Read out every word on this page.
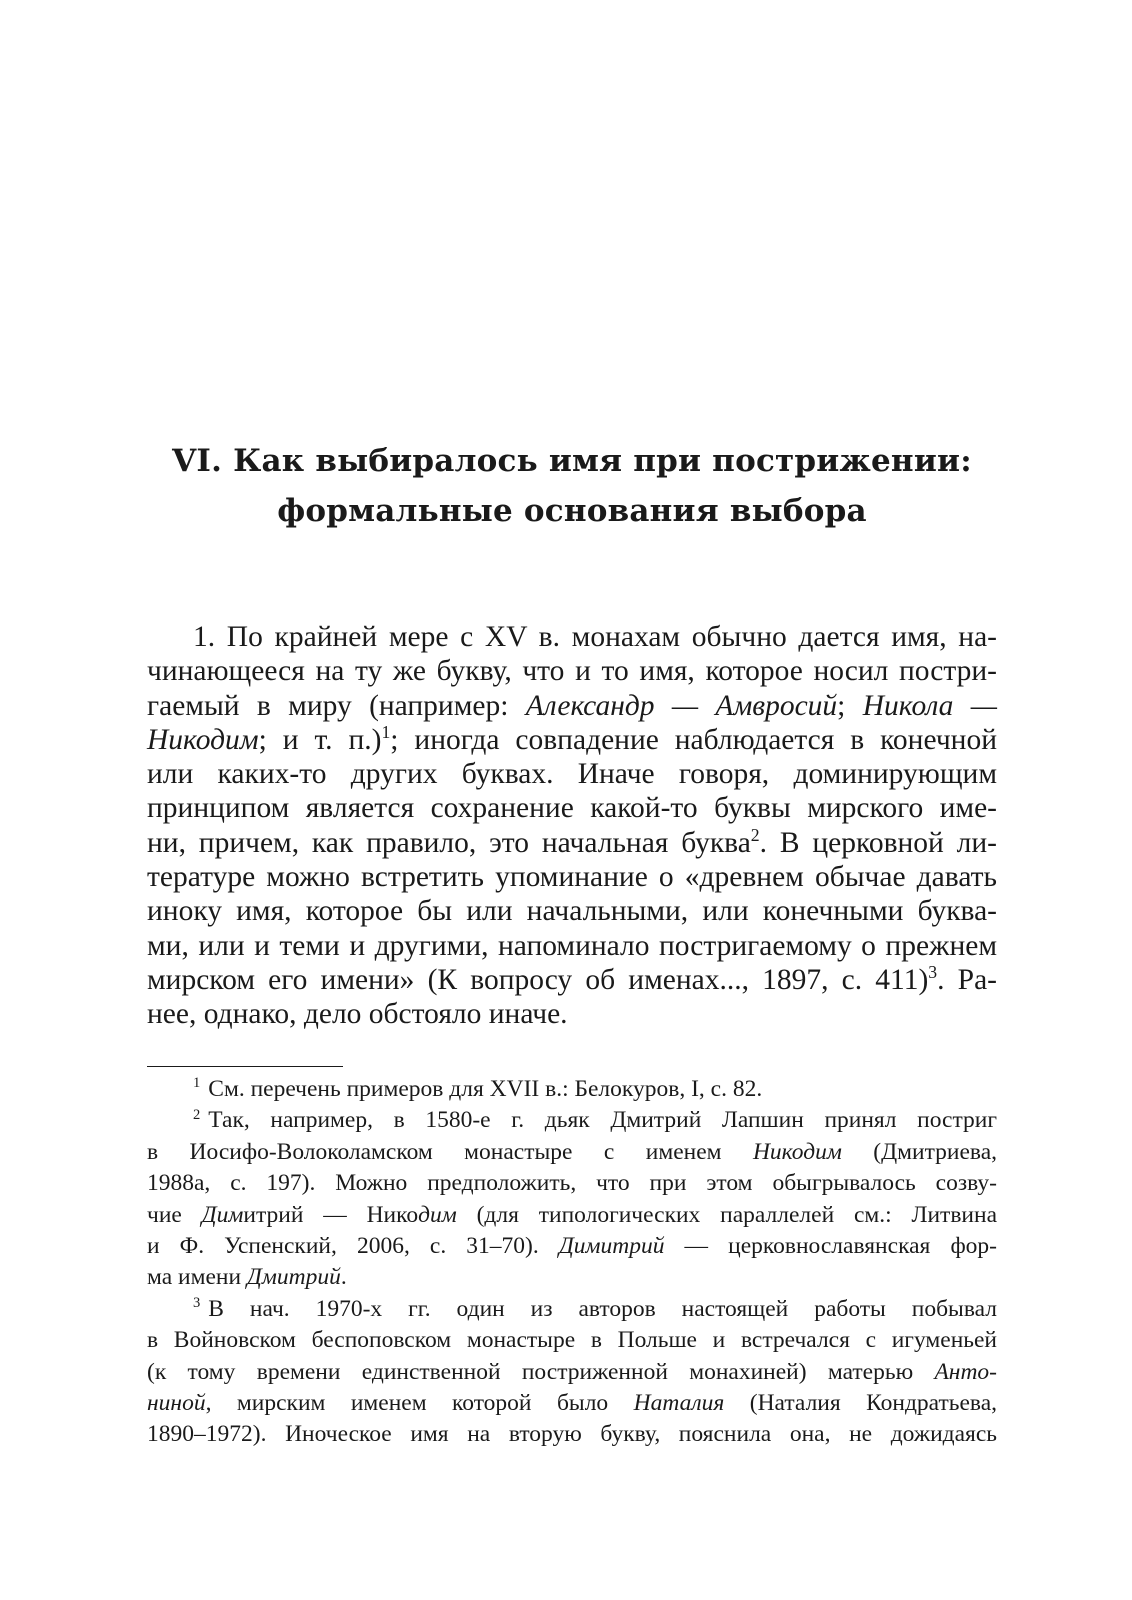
VI. Как выбиралось имя при пострижении:
формальные основания выбора
1. По крайней мере с XV в. монахам обычно дается имя, на-
чинающееся на ту же букву, что и то имя, которое носил постри-
гаемый в миру (например: Александр — Амвросий; Никола —
Никодим; и т. п.)$^1$; иногда совпадение наблюдается в конечной
или каких-то других буквах. Иначе говоря, доминирующим
принципом является сохранение какой-то буквы мирского име-
ни, причем, как правило, это начальная буква$^2$. В церковной ли-
тературе можно встретить упоминание о «древнем обычае давать
иноку имя, которое бы или начальными, или конечными буква-
ми, или и теми и другими, напоминало постригаемому о прежнем
мирском его имени» (К вопросу об именах..., 1897, с. 411)$^3$. Ра-
нее, однако, дело обстояло иначе.
$^1$ См. перечень примеров для XVII в.: Белокуров, I, с. 82.
$^2$ Так, например, в 1580-е г. дьяк Дмитрий Лапшин принял постриг
в Иосифо-Волоколамском монастыре с именем Никодим (Дмитриева,
1988а, с. 197). Можно предположить, что при этом обыгрывалось созву-
чие Димитрий — Никодим (для типологических параллелей см.: Литвина
и Ф. Успенский, 2006, с. 31–70). Димитрий — церковнославянская фор-
ма имени Дмитрий.
$^3$ В нач. 1970-х гг. один из авторов настоящей работы побывал
в Войновском беспоповском монастыре в Польше и встречался с игуменьей
(к тому времени единственной постриженной монахиней) матерью Анто-
ниной, мирским именем которой было Наталия (Наталия Кондратьева,
1890–1972). Иноческое имя на вторую букву, пояснила она, не дожидаясь
